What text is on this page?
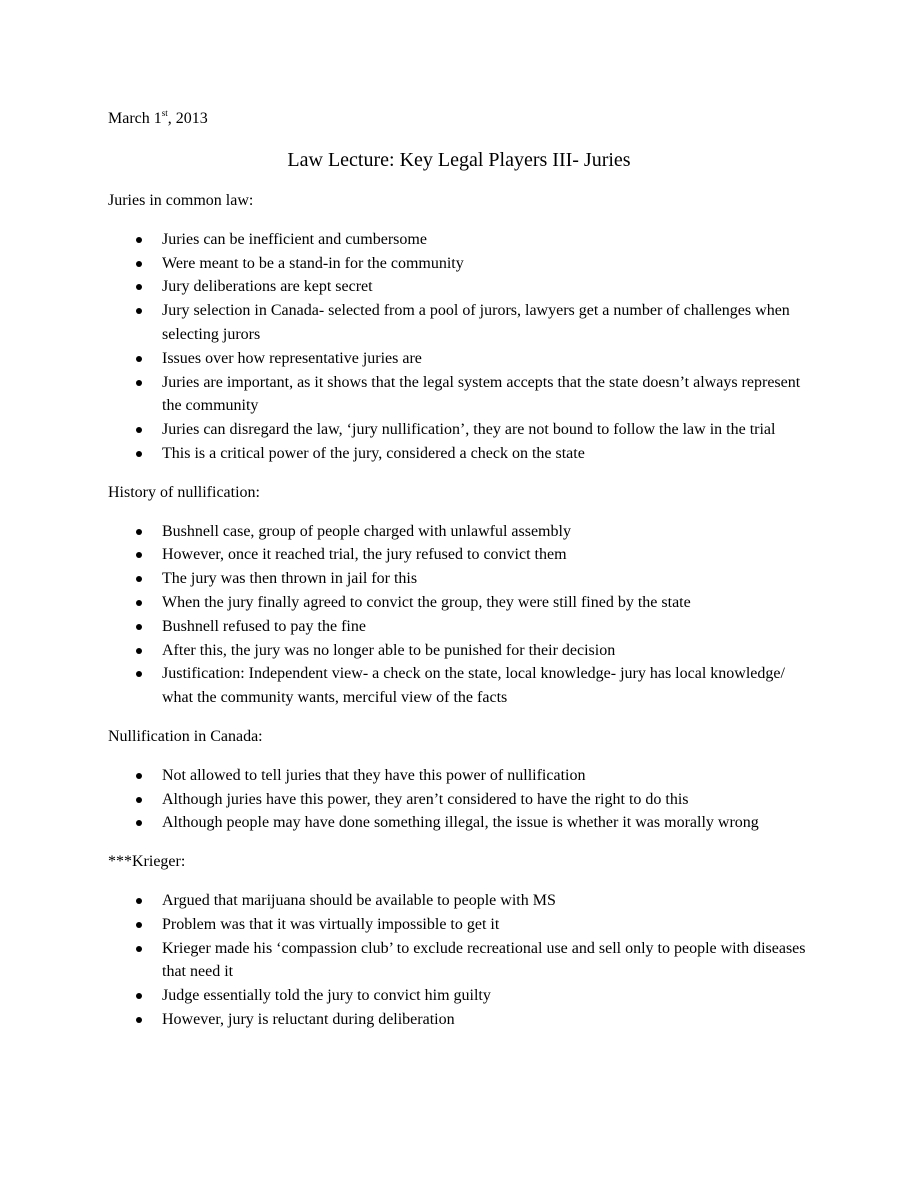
March 1st, 2013
Law Lecture: Key Legal Players III- Juries

Juries in common law:

Juries can be inefficient and cumbersome
Were meant to be a stand-in for the community
Jury deliberations are kept secret
Jury selection in Canada- selected from a pool of jurors, lawyers get a number of challenges when selecting jurors
Issues over how representative juries are
Juries are important, as it shows that the legal system accepts that the state doesn’t always represent the community
Juries can disregard the law, ‘jury nullification’, they are not bound to follow the law in the trial
This is a critical power of the jury, considered a check on the state

History of nullification:

Bushnell case, group of people charged with unlawful assembly
However, once it reached trial, the jury refused to convict them
The jury was then thrown in jail for this
When the jury finally agreed to convict the group, they were still fined by the state
Bushnell refused to pay the fine
After this, the jury was no longer able to be punished for their decision
Justification: Independent view- a check on the state, local knowledge- jury has local knowledge/ what the community wants, merciful view of the facts

Nullification in Canada:

Not allowed to tell juries that they have this power of nullification
Although juries have this power, they aren’t considered to have the right to do this
Although people may have done something illegal, the issue is whether it was morally wrong

***Krieger:

Argued that marijuana should be available to people with MS
Problem was that it was virtually impossible to get it
Krieger made his ‘compassion club’ to exclude recreational use and sell only to people with diseases that need it
Judge essentially told the jury to convict him guilty
However, jury is reluctant during deliberation
